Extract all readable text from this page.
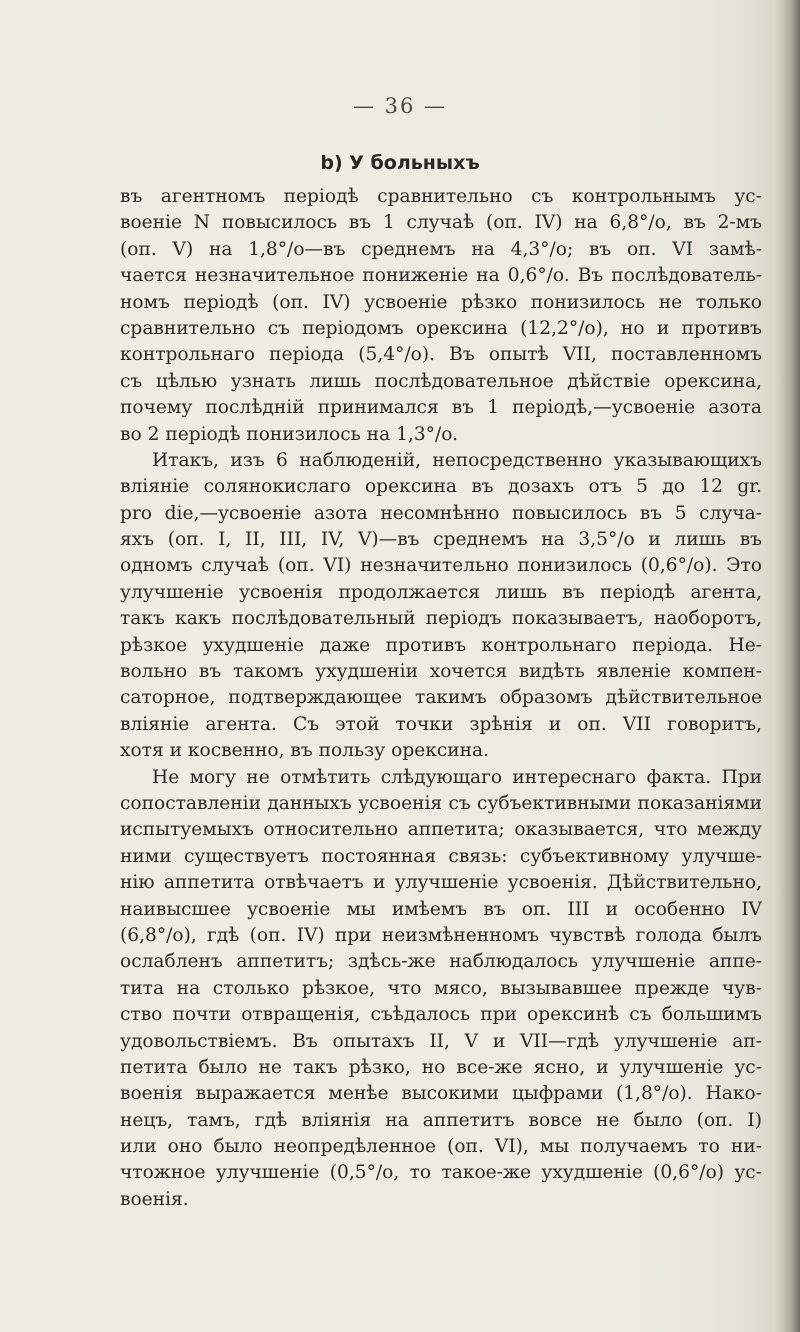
— 36 —
b) У больныхъ
въ агентномъ періодѣ сравнительно съ контрольнымъ ус-
военіе N повысилось въ 1 случаѣ (оп. IV) на 6,8°/o, въ 2-мъ
(оп. V) на 1,8°/o—въ среднемъ на 4,3°/o; въ оп. VI замѣ-
чается незначительное пониженіе на 0,6°/o. Въ послѣдователь-
номъ періодѣ (оп. IV) усвоеніе рѣзко понизилось не только
сравнительно съ періодомъ орексина (12,2°/o), но и противъ
контрольнаго періода (5,4°/o). Въ опытѣ VII, поставленномъ
съ цѣлью узнать лишь послѣдовательное дѣйствіе орексина,
почему послѣдній принимался въ 1 періодѣ,—усвоеніе азота
во 2 періодѣ понизилось на 1,3°/o.
Итакъ, изъ 6 наблюденій, непосредственно указывающихъ
вліяніе солянокислаго орексина въ дозахъ отъ 5 до 12 gr.
pro die,—усвоеніе азота несомнѣнно повысилось въ 5 случа-
яхъ (оп. I, II, III, IV, V)—въ среднемъ на 3,5°/o и лишь въ
одномъ случаѣ (оп. VI) незначительно понизилось (0,6°/o). Это
улучшеніе усвоенія продолжается лишь въ періодѣ агента,
такъ какъ послѣдовательный періодъ показываетъ, наоборотъ,
рѣзкое ухудшеніе даже противъ контрольнаго періода. Не-
вольно въ такомъ ухудшеніи хочется видѣть явленіе компен-
саторное, подтверждающее такимъ образомъ дѣйствительное
вліяніе агента. Съ этой точки зрѣнія и оп. VII говоритъ,
хотя и косвенно, въ пользу орексина.
Не могу не отмѣтить слѣдующаго интереснаго факта. При
сопоставленіи данныхъ усвоенія съ субъективными показаніями
испытуемыхъ относительно аппетита; оказывается, что между
ними существуетъ постоянная связь: субъективному улучше-
нію аппетита отвѣчаетъ и улучшеніе усвоенія. Дѣйствительно,
наивысшее усвоеніе мы имѣемъ въ оп. III и особенно IV
(6,8°/o), гдѣ (оп. IV) при неизмѣненномъ чувствѣ голода былъ
ослабленъ аппетитъ; здѣсь-же наблюдалось улучшеніе аппе-
тита на столько рѣзкое, что мясо, вызывавшее прежде чув-
ство почти отвращенія, съѣдалось при орексинѣ съ большимъ
удовольствіемъ. Въ опытахъ II, V и VII—гдѣ улучшеніе ап-
петита было не такъ рѣзко, но все-же ясно, и улучшеніе ус-
военія выражается менѣе высокими цыфрами (1,8°/o). Нако-
нецъ, тамъ, гдѣ вліянія на аппетитъ вовсе не было (оп. I)
или оно было неопредѣленное (оп. VI), мы получаемъ то ни-
чтожное улучшеніе (0,5°/o, то такое-же ухудшеніе (0,6°/o) ус-
военія.
